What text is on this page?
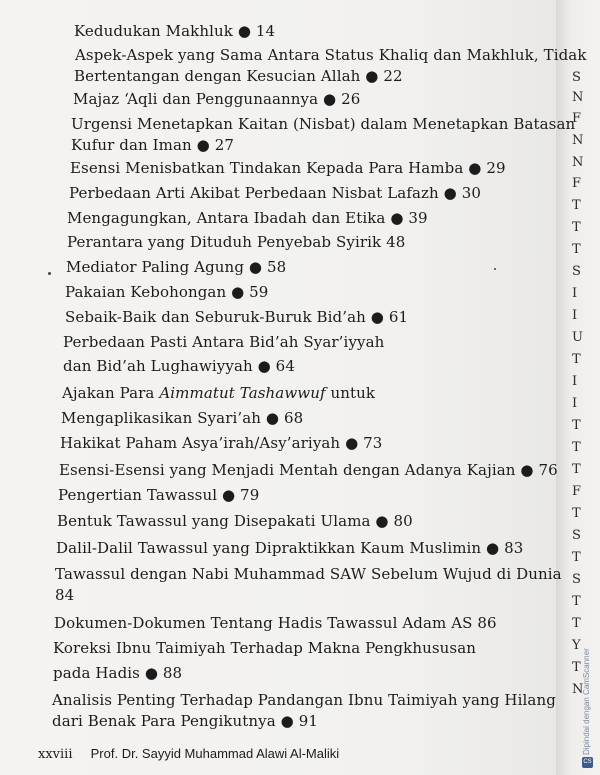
Kedudukan Makhluk ● 14
Aspek-Aspek yang Sama Antara Status Khaliq dan Makhluk, Tidak
Bertentangan dengan Kesucian Allah ● 22
Majaz ‘Aqli dan Penggunaannya ● 26
Urgensi Menetapkan Kaitan (Nisbat) dalam Menetapkan Batasan
Kufur dan Iman ● 27
Esensi Menisbatkan Tindakan Kepada Para Hamba ● 29
Perbedaan Arti Akibat Perbedaan Nisbat Lafazh ● 30
Mengagungkan, Antara Ibadah dan Etika ● 39
Perantara yang Dituduh Penyebab Syirik 48
Mediator Paling Agung ● 58
Pakaian Kebohongan ● 59
Sebaik-Baik dan Seburuk-Buruk Bid’ah ● 61
Perbedaan Pasti Antara Bid’ah Syar’iyyah
dan Bid’ah Lughawiyyah ● 64
Ajakan Para Aimmatut Tashawwuf untuk
Mengaplikasikan Syari’ah ● 68
Hakikat Paham Asya’irah/Asy’ariyah ● 73
Esensi-Esensi yang Menjadi Mentah dengan Adanya Kajian ● 76
Pengertian Tawassul ● 79
Bentuk Tawassul yang Disepakati Ulama ● 80
Dalil-Dalil Tawassul yang Dipraktikkan Kaum Muslimin ● 83
Tawassul dengan Nabi Muhammad SAW Sebelum Wujud di Dunia
84
Dokumen-Dokumen Tentang Hadis Tawassul Adam AS 86
Koreksi Ibnu Taimiyah Terhadap Makna Pengkhususan
pada Hadis ● 88
Analisis Penting Terhadap Pandangan Ibnu Taimiyah yang Hilang
dari Benak Para Pengikutnya ● 91
xxviii Prof. Dr. Sayyid Muhammad Alawi Al-Maliki
S
N
F
N
N
F
T
T
T
S
I
I
U
T
I
I
T
T
T
F
T
S
T
S
T
T
Y
T
N
Dipindai dengan CamScanner
CS
